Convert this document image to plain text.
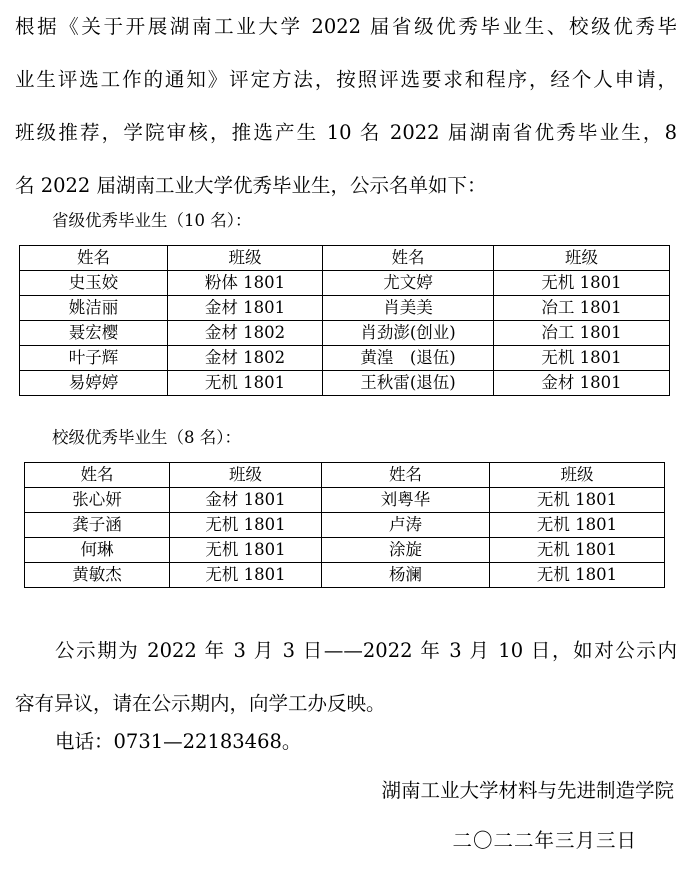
根据《关于开展湖南工业大学 2022 届省级优秀毕业生、校级优秀毕
业生评选工作的通知》评定方法，按照评选要求和程序，经个人申请，
班级推荐，学院审核，推选产生 10 名 2022 届湖南省优秀毕业生，8
名 2022 届湖南工业大学优秀毕业生，公示名单如下：
省级优秀毕业生（10 名）：
姓名	班级	姓名	班级
史玉姣	粉体 1801	尤文婷	无机 1801
姚洁丽	金材 1801	肖美美	冶工 1801
聂宏樱	金材 1802	肖劲澎(创业)	冶工 1801
叶子辉	金材 1802	黄湟　(退伍)	无机 1801
易婷婷	无机 1801	王秋雷(退伍)	金材 1801
校级优秀毕业生（8 名）：
姓名	班级	姓名	班级
张心妍	金材 1801	刘粤华	无机 1801
龚子涵	无机 1801	卢涛	无机 1801
何琳	无机 1801	涂旋	无机 1801
黄敏杰	无机 1801	杨澜	无机 1801
公示期为 2022 年 3 月 3 日——2022 年 3 月 10 日，如对公示内
容有异议，请在公示期内，向学工办反映。
电话：0731—22183468。
湖南工业大学材料与先进制造学院
二〇二二年三月三日
